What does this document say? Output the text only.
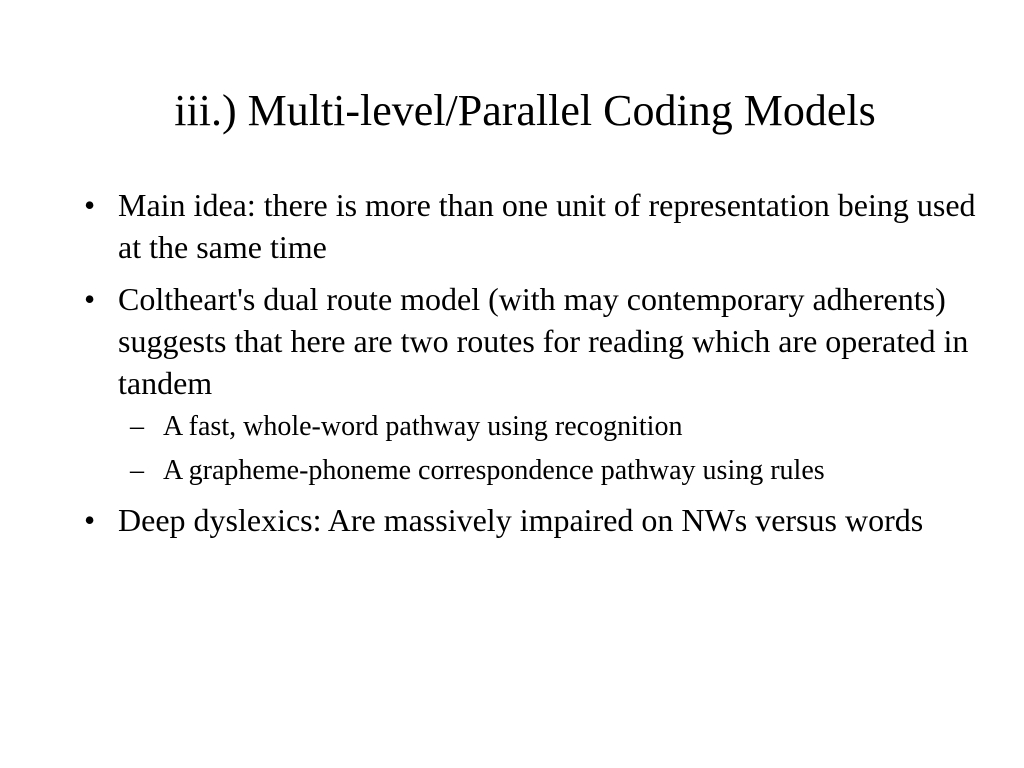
iii.) Multi-level/Parallel Coding Models
• Main idea: there is more than one unit of representation being used at the same time
• Coltheart's dual route model (with may contemporary adherents) suggests that here are two routes for reading which are operated in tandem
– A fast, whole-word pathway using recognition
– A grapheme-phoneme correspondence pathway using rules
• Deep dyslexics: Are massively impaired on NWs versus words
